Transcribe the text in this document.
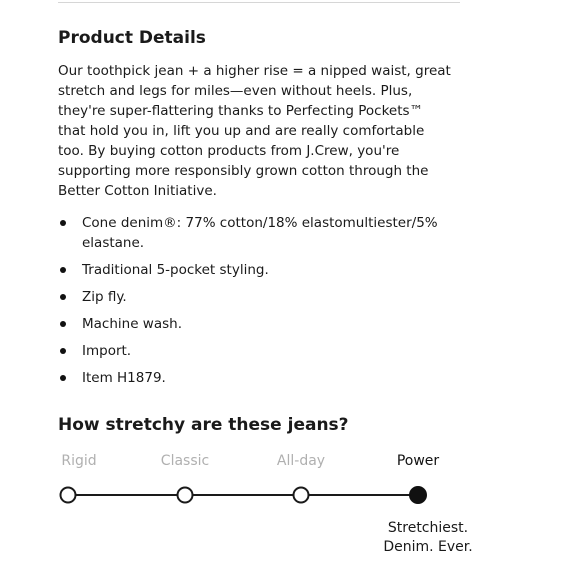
Product Details

Our toothpick jean + a higher rise = a nipped waist, great
stretch and legs for miles—even without heels. Plus,
they're super-flattering thanks to Perfecting Pockets™
that hold you in, lift you up and are really comfortable
too. By buying cotton products from J.Crew, you're
supporting more responsibly grown cotton through the
Better Cotton Initiative.

Cone denim®: 77% cotton/18% elastomultiester/5%
elastane.
Traditional 5-pocket styling.
Zip fly.
Machine wash.
Import.
Item H1879.
How stretchy are these jeans?
Rigid	Classic	All-day	Power
Stretchiest.
Denim. Ever.
